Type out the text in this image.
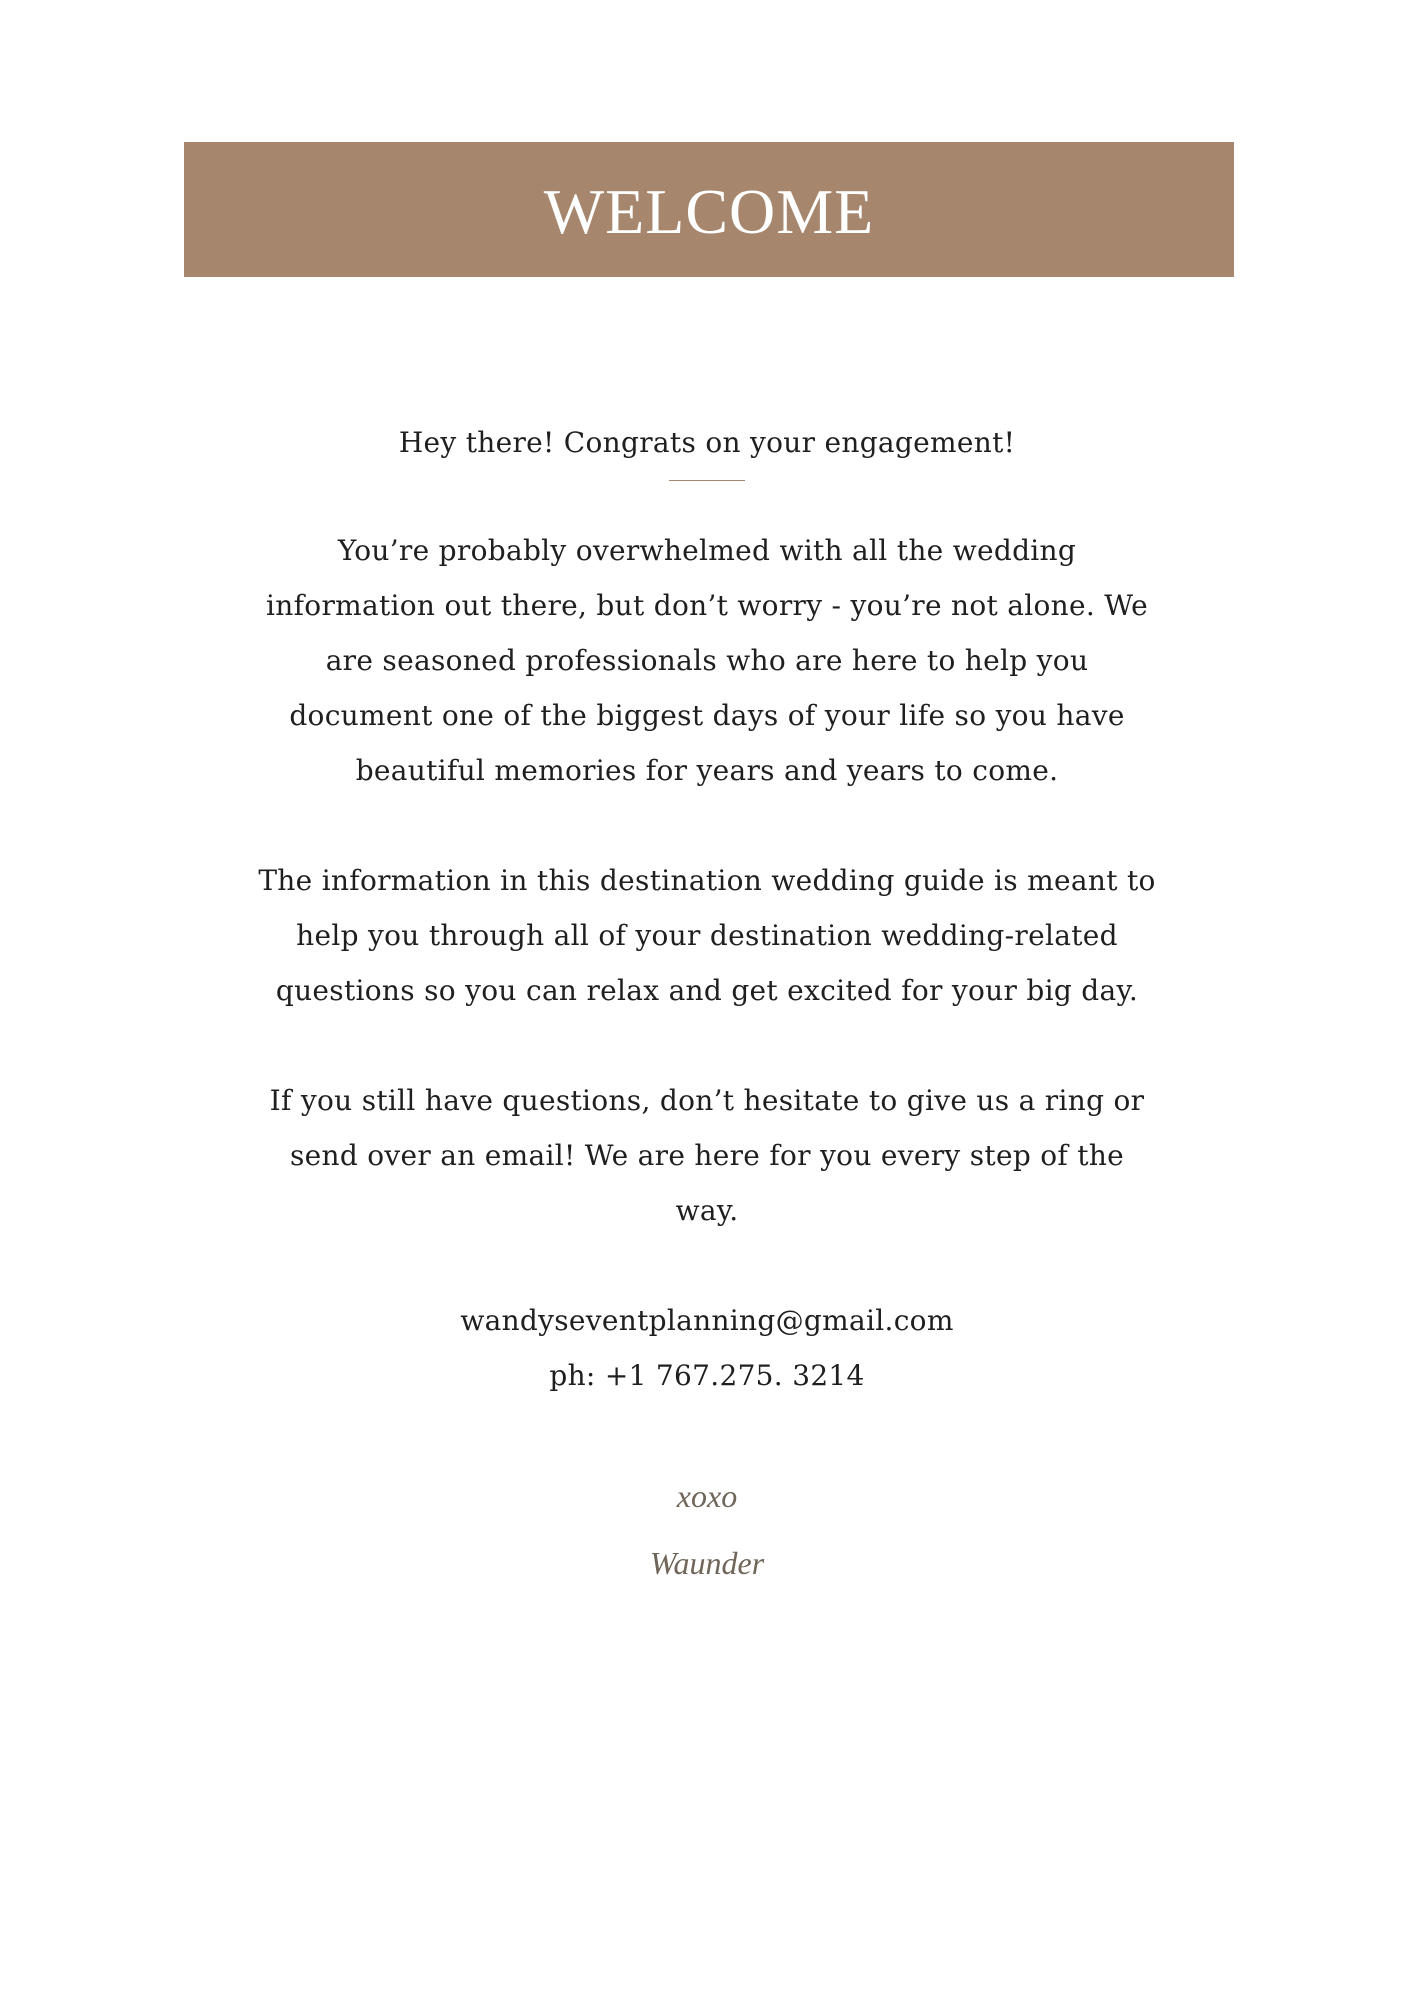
WELCOME

Hey there! Congrats on your engagement!

You’re probably overwhelmed with all the wedding information out there, but don’t worry - you’re not alone. We are seasoned professionals who are here to help you document one of the biggest days of your life so you have beautiful memories for years and years to come.

The information in this destination wedding guide is meant to help you through all of your destination wedding-related questions so you can relax and get excited for your big day.

If you still have questions, don’t hesitate to give us a ring or send over an email! We are here for you every step of the way.

wandyseventplanning@gmail.com
ph: +1 767.275. 3214
xoxo
Waunder
